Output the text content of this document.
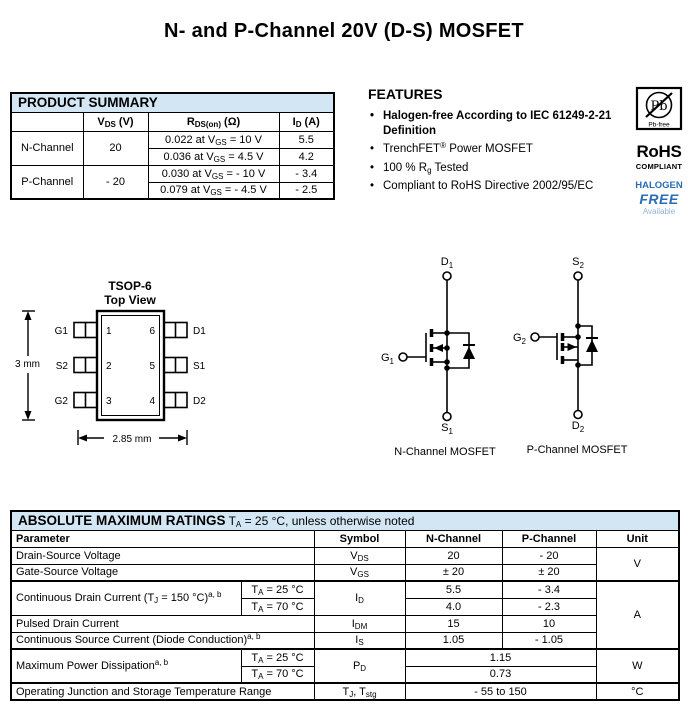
N- and P-Channel 20V (D-S) MOSFET
PRODUCT SUMMARY			
	$V_{DS}$ (V)	$R_{DS(on)}$ (Ω)	$I_D$ (A)
N-Channel	20	0.022 at $V_{GS} = 10$ V	5.5
		0.036 at $V_{GS} = 4.5$ V	4.2
P-Channel	- 20	0.030 at $V_{GS}$ = - 10 V	- 3.4
		0.079 at $V_{GS}$ = - 4.5 V	- 2.5
FEATURES
• Halogen-free According to IEC 61249-2-21 Definition
• TrenchFET® Power MOSFET
• 100 % $R_g$ Tested
• Compliant to RoHS Directive 2002/95/EC
Pb
Pb-free
RoHS
COMPLIANT
HALOGEN
FREE
Available
TSOP-6
Top View
1
2
3
6
5
4
G1
S2
G2
D1
S1
D2
3 mm
2.85 mm
$D_1$
$G_1$
$S_1$
N-Channel MOSFET
$S_2$
$G_2$
$D_2$
P-Channel MOSFET
ABSOLUTE MAXIMUM RATINGS $T_A = 25$ °C, unless otherwise noted					
Parameter		Symbol	N-Channel	P-Channel	Unit
Drain-Source Voltage		$V_{DS}$	20	- 20	V
Gate-Source Voltage		$V_{GS}$	± 20	± 20	
Continuous Drain Current ($T_J = 150$ °C)$^{a, b}$	$T_A = 25$ °C	$I_D$	5.5	- 3.4	A
	$T_A = 70$ °C		4.0	- 2.3	
Pulsed Drain Current		$I_{DM}$	15	10	
Continuous Source Current (Diode Conduction)$^{a, b}$		$I_S$	1.05	- 1.05	
Maximum Power Dissipation$^{a, b}$	$T_A = 25$ °C	$P_D$	1.15		W
	$T_A = 70$ °C		0.73		
Operating Junction and Storage Temperature Range		$T_J$, $T_{stg}$	- 55 to 150		°C
